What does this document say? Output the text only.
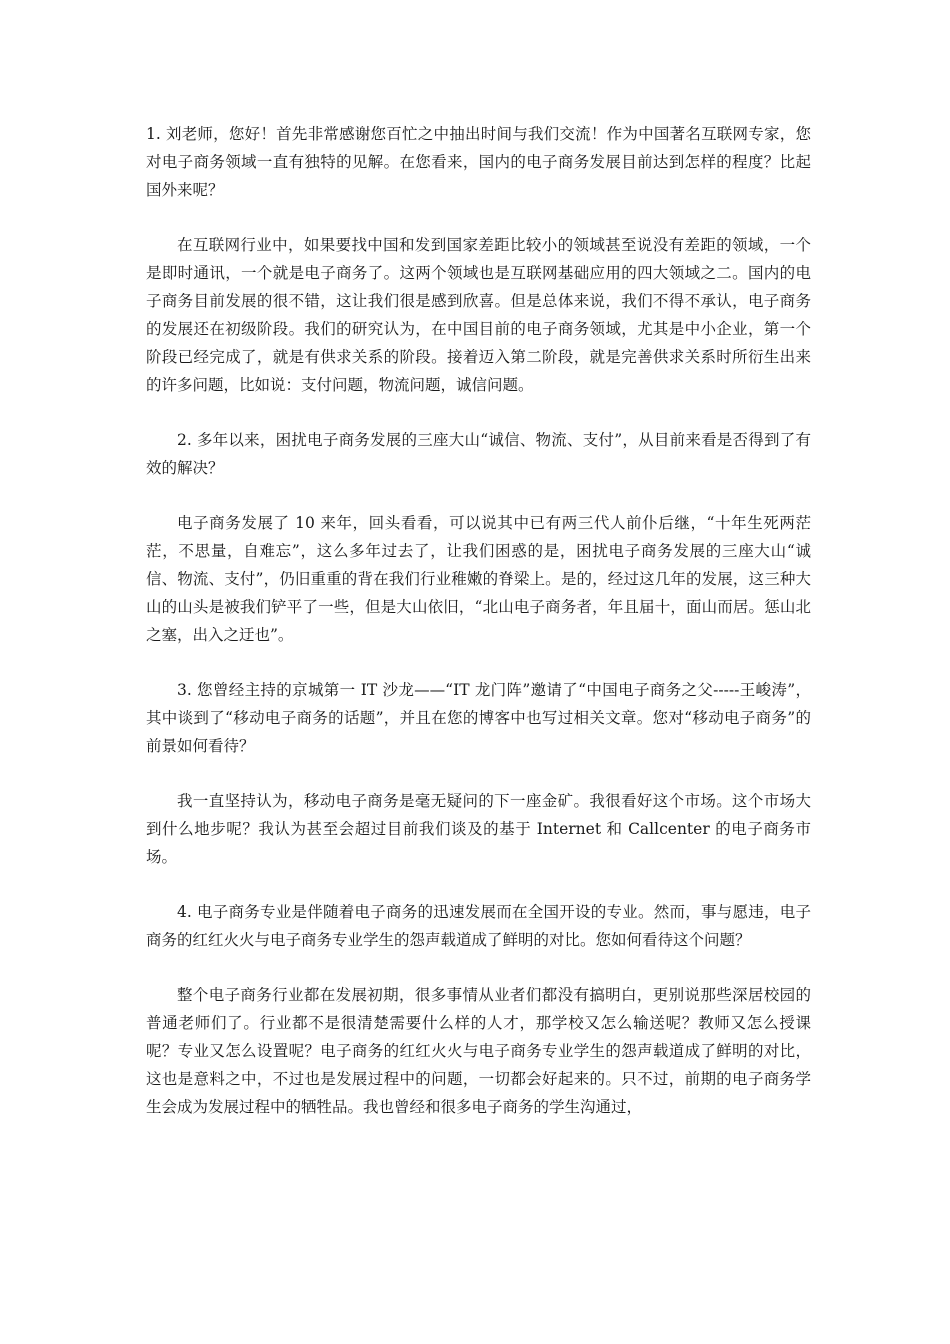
1. 刘老师，您好！首先非常感谢您百忙之中抽出时间与我们交流！作为中国著名互联网专家，您对电子商务领域一直有独特的见解。在您看来，国内的电子商务发展目前达到怎样的程度？比起国外来呢？

在互联网行业中，如果要找中国和发到国家差距比较小的领域甚至说没有差距的领域，一个是即时通讯，一个就是电子商务了。这两个领域也是互联网基础应用的四大领域之二。国内的电子商务目前发展的很不错，这让我们很是感到欣喜。但是总体来说，我们不得不承认，电子商务的发展还在初级阶段。我们的研究认为，在中国目前的电子商务领域，尤其是中小企业，第一个阶段已经完成了，就是有供求关系的阶段。接着迈入第二阶段，就是完善供求关系时所衍生出来的许多问题，比如说：支付问题，物流问题，诚信问题。

2. 多年以来，困扰电子商务发展的三座大山“诚信、物流、支付”，从目前来看是否得到了有效的解决？

电子商务发展了 10 来年，回头看看，可以说其中已有两三代人前仆后继，“十年生死两茫茫，不思量，自难忘”，这么多年过去了，让我们困惑的是，困扰电子商务发展的三座大山“诚信、物流、支付”，仍旧重重的背在我们行业稚嫩的脊梁上。是的，经过这几年的发展，这三种大山的山头是被我们铲平了一些，但是大山依旧，“北山电子商务者，年且届十，面山而居。惩山北之塞，出入之迂也”。

3. 您曾经主持的京城第一 IT 沙龙——“IT 龙门阵”邀请了“中国电子商务之父-----王峻涛”，其中谈到了“移动电子商务的话题”，并且在您的博客中也写过相关文章。您对“移动电子商务”的前景如何看待？

我一直坚持认为，移动电子商务是毫无疑问的下一座金矿。我很看好这个市场。这个市场大到什么地步呢？我认为甚至会超过目前我们谈及的基于 Internet 和 Callcenter 的电子商务市场。

4. 电子商务专业是伴随着电子商务的迅速发展而在全国开设的专业。然而，事与愿违，电子商务的红红火火与电子商务专业学生的怨声载道成了鲜明的对比。您如何看待这个问题？

整个电子商务行业都在发展初期，很多事情从业者们都没有搞明白，更别说那些深居校园的普通老师们了。行业都不是很清楚需要什么样的人才，那学校又怎么输送呢？教师又怎么授课呢？专业又怎么设置呢？电子商务的红红火火与电子商务专业学生的怨声载道成了鲜明的对比，这也是意料之中，不过也是发展过程中的问题，一切都会好起来的。只不过，前期的电子商务学生会成为发展过程中的牺牲品。我也曾经和很多电子商务的学生沟通过，
